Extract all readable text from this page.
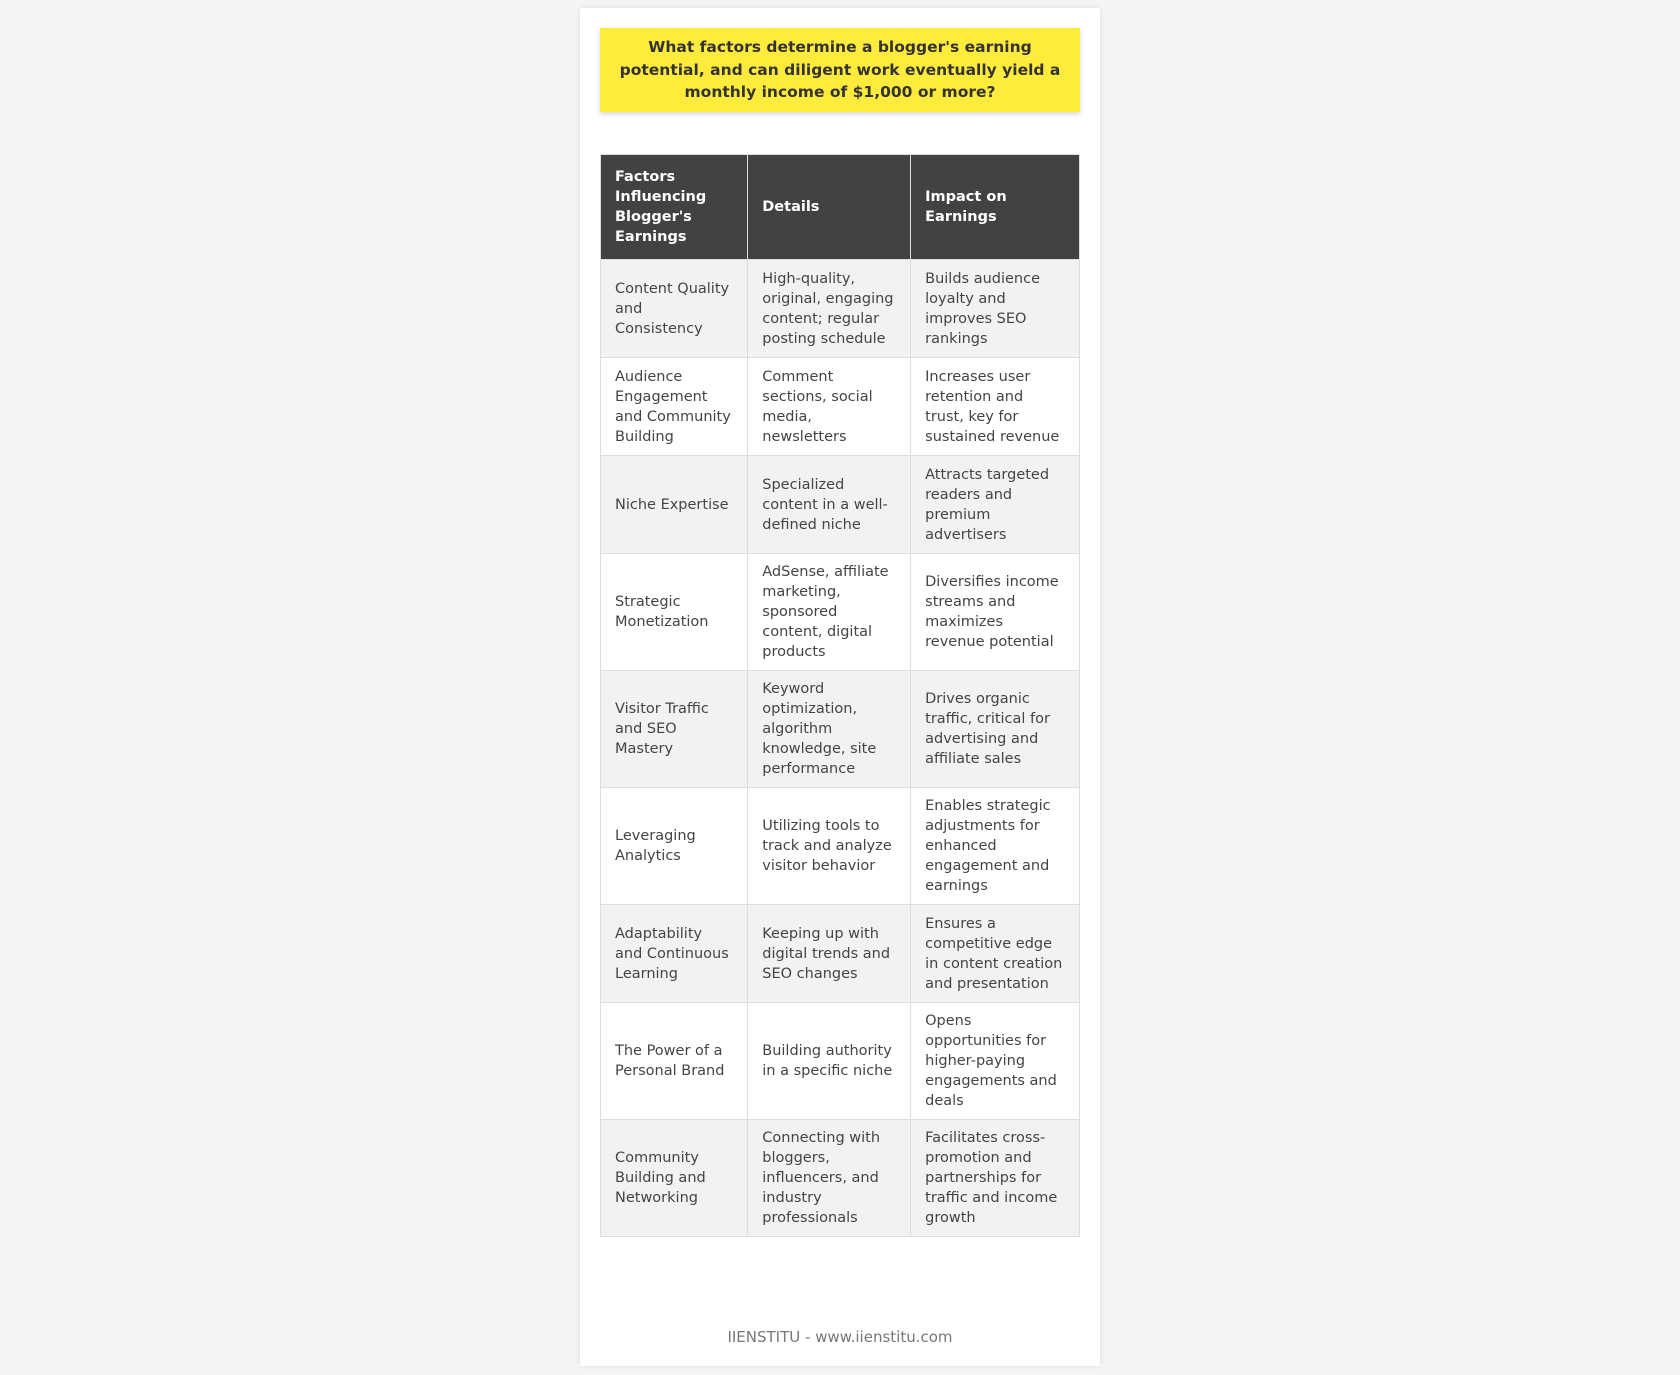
What factors determine a blogger's earning potential, and can diligent work eventually yield a monthly income of $1,000 or more?
Factors Influencing Blogger's Earnings	Details	Impact on Earnings
Content Quality and Consistency	High-quality, original, engaging content; regular posting schedule	Builds audience loyalty and improves SEO rankings
Audience Engagement and Community Building	Comment sections, social media, newsletters	Increases user retention and trust, key for sustained revenue
Niche Expertise	Specialized content in a well-defined niche	Attracts targeted readers and premium advertisers
Strategic Monetization	AdSense, affiliate marketing, sponsored content, digital products	Diversifies income streams and maximizes revenue potential
Visitor Traffic and SEO Mastery	Keyword optimization, algorithm knowledge, site performance	Drives organic traffic, critical for advertising and affiliate sales
Leveraging Analytics	Utilizing tools to track and analyze visitor behavior	Enables strategic adjustments for enhanced engagement and earnings
Adaptability and Continuous Learning	Keeping up with digital trends and SEO changes	Ensures a competitive edge in content creation and presentation
The Power of a Personal Brand	Building authority in a specific niche	Opens opportunities for higher-paying engagements and deals
Community Building and Networking	Connecting with bloggers, influencers, and industry professionals	Facilitates cross-promotion and partnerships for traffic and income growth
IIENSTITU - www.iienstitu.com
